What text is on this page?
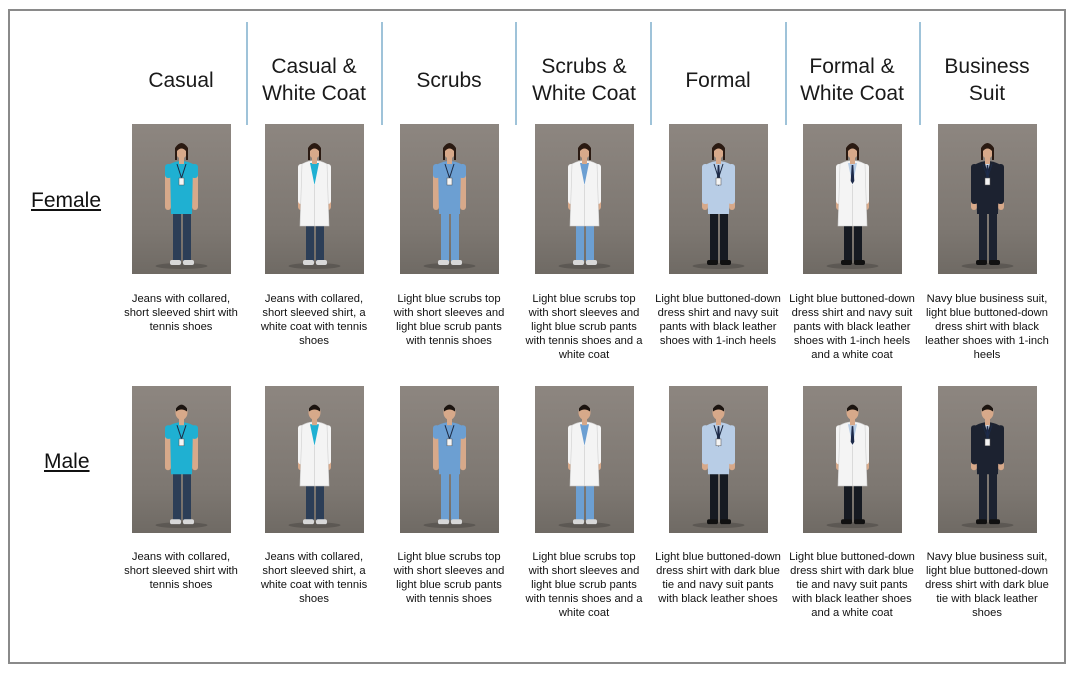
Casual
Casual &
White Coat
Scrubs
Scrubs &
White Coat
Formal
Formal &
White Coat
Business
Suit
Female
Jeans with collared, short sleeved shirt with tennis shoes
Jeans with collared, short sleeved shirt, a white coat with tennis shoes
Light blue scrubs top with short sleeves and light blue scrub pants with tennis shoes
Light blue scrubs top with short sleeves and light blue scrub pants with tennis shoes and a white coat
Light blue buttoned-down dress shirt and navy suit pants with black leather shoes with 1-inch heels
Light blue buttoned-down dress shirt and navy suit pants with black leather shoes with 1-inch heels and a white coat
Navy blue business suit, light blue buttoned-down dress shirt with black leather shoes with 1-inch heels
Male
Jeans with collared, short sleeved shirt with tennis shoes
Jeans with collared, short sleeved shirt, a white coat with tennis shoes
Light blue scrubs top with short sleeves and light blue scrub pants with tennis shoes
Light blue scrubs top with short sleeves and light blue scrub pants with tennis shoes and a white coat
Light blue buttoned-down dress shirt with dark blue tie and navy suit pants with black leather shoes
Light blue buttoned-down dress shirt with dark blue tie and navy suit pants with black leather shoes and a white coat
Navy blue business suit, light blue buttoned-down dress shirt with dark blue tie with black leather shoes
